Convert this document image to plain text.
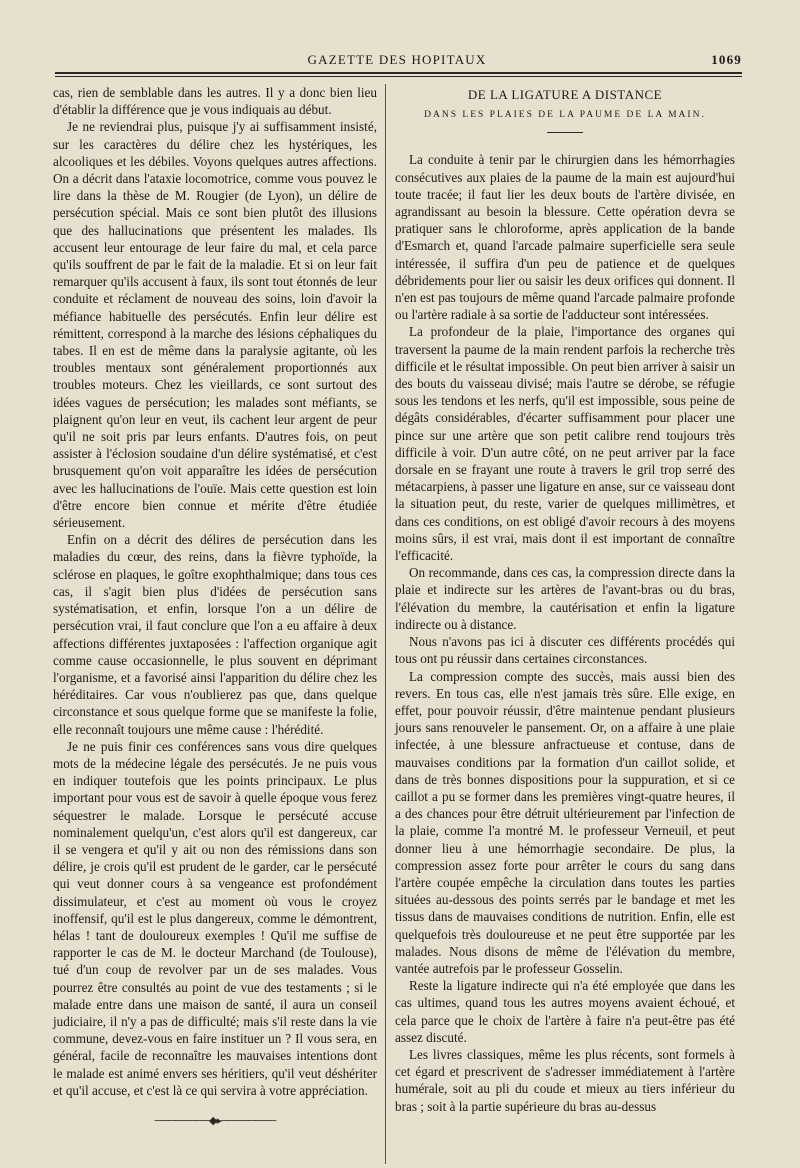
GAZETTE DES HOPITAUX	1069

cas, rien de semblable dans les autres. Il y a donc bien lieu d'établir la différence que je vous indiquais au début.

Je ne reviendrai plus, puisque j'y ai suffisamment insisté, sur les caractères du délire chez les hystériques, les alcooliques et les débiles. Voyons quelques autres affections. On a décrit dans l'ataxie locomotrice, comme vous pouvez le lire dans la thèse de M. Rougier (de Lyon), un délire de persécution spécial. Mais ce sont bien plutôt des illusions que des hallucinations que présentent les malades. Ils accusent leur entourage de leur faire du mal, et cela parce qu'ils souffrent de par le fait de la maladie. Et si on leur fait remarquer qu'ils accusent à faux, ils sont tout étonnés de leur conduite et réclament de nouveau des soins, loin d'avoir la méfiance habituelle des persécutés. Enfin leur délire est rémittent, correspond à la marche des lésions céphaliques du tabes. Il en est de même dans la paralysie agitante, où les troubles mentaux sont généralement proportionnés aux troubles moteurs. Chez les vieillards, ce sont surtout des idées vagues de persécution; les malades sont méfiants, se plaignent qu'on leur en veut, ils cachent leur argent de peur qu'il ne soit pris par leurs enfants. D'autres fois, on peut assister à l'éclosion soudaine d'un délire systématisé, et c'est brusquement qu'on voit apparaître les idées de persécution avec les hallucinations de l'ouïe. Mais cette question est loin d'être encore bien connue et mérite d'être étudiée sérieusement.

Enfin on a décrit des délires de persécution dans les maladies du cœur, des reins, dans la fièvre typhoïde, la sclérose en plaques, le goître exophthalmique; dans tous ces cas, il s'agit bien plus d'idées de persécution sans systématisation, et enfin, lorsque l'on a un délire de persécution vrai, il faut conclure que l'on a eu affaire à deux affections différentes juxtaposées : l'affection organique agit comme cause occasionnelle, le plus souvent en déprimant l'organisme, et a favorisé ainsi l'apparition du délire chez les héréditaires. Car vous n'oublierez pas que, dans quelque circonstance et sous quelque forme que se manifeste la folie, elle reconnaît toujours une même cause : l'hérédité.

Je ne puis finir ces conférences sans vous dire quelques mots de la médecine légale des persécutés. Je ne puis vous en indiquer toutefois que les points principaux. Le plus important pour vous est de savoir à quelle époque vous ferez séquestrer le malade. Lorsque le persécuté accuse nominalement quelqu'un, c'est alors qu'il est dangereux, car il se vengera et qu'il y ait ou non des rémissions dans son délire, je crois qu'il est prudent de le garder, car le persécuté qui veut donner cours à sa vengeance est profondément dissimulateur, et c'est au moment où vous le croyez inoffensif, qu'il est le plus dangereux, comme le démontrent, hélas ! tant de douloureux exemples ! Qu'il me suffise de rapporter le cas de M. le docteur Marchand (de Toulouse), tué d'un coup de revolver par un de ses malades. Vous pourrez être consultés au point de vue des testaments ; si le malade entre dans une maison de santé, il aura un conseil judiciaire, il n'y a pas de difficulté; mais s'il reste dans la vie commune, devez-vous en faire instituer un ? Il vous sera, en général, facile de reconnaître les mauvaises intentions dont le malade est animé envers ses héritiers, qu'il veut déshériter et qu'il accuse, et c'est là ce qui servira à votre appréciation.

────────◆▸────────
DE LA LIGATURE A DISTANCE
DANS LES PLAIES DE LA PAUME DE LA MAIN.

La conduite à tenir par le chirurgien dans les hémorrhagies consécutives aux plaies de la paume de la main est aujourd'hui toute tracée; il faut lier les deux bouts de l'artère divisée, en agrandissant au besoin la blessure. Cette opération devra se pratiquer sans le chloroforme, après application de la bande d'Esmarch et, quand l'arcade palmaire superficielle sera seule intéressée, il suffira d'un peu de patience et de quelques débridements pour lier ou saisir les deux orifices qui donnent. Il n'en est pas toujours de même quand l'arcade palmaire profonde ou l'artère radiale à sa sortie de l'adducteur sont intéressées.

La profondeur de la plaie, l'importance des organes qui traversent la paume de la main rendent parfois la recherche très difficile et le résultat impossible. On peut bien arriver à saisir un des bouts du vaisseau divisé; mais l'autre se dérobe, se réfugie sous les tendons et les nerfs, qu'il est impossible, sous peine de dégâts considérables, d'écarter suffisamment pour placer une pince sur une artère que son petit calibre rend toujours très difficile à voir. D'un autre côté, on ne peut arriver par la face dorsale en se frayant une route à travers le gril trop serré des métacarpiens, à passer une ligature en anse, sur ce vaisseau dont la situation peut, du reste, varier de quelques millimètres, et dans ces conditions, on est obligé d'avoir recours à des moyens moins sûrs, il est vrai, mais dont il est important de connaître l'efficacité.

On recommande, dans ces cas, la compression directe dans la plaie et indirecte sur les artères de l'avant-bras ou du bras, l'élévation du membre, la cautérisation et enfin la ligature indirecte ou à distance.

Nous n'avons pas ici à discuter ces différents procédés qui tous ont pu réussir dans certaines circonstances.

La compression compte des succès, mais aussi bien des revers. En tous cas, elle n'est jamais très sûre. Elle exige, en effet, pour pouvoir réussir, d'être maintenue pendant plusieurs jours sans renouveler le pansement. Or, on a affaire à une plaie infectée, à une blessure anfractueuse et contuse, dans de mauvaises conditions par la formation d'un caillot solide, et dans de très bonnes dispositions pour la suppuration, et si ce caillot a pu se former dans les premières vingt-quatre heures, il a des chances pour être détruit ultérieurement par l'infection de la plaie, comme l'a montré M. le professeur Verneuil, et peut donner lieu à une hémorrhagie secondaire. De plus, la compression assez forte pour arrêter le cours du sang dans l'artère coupée empêche la circulation dans toutes les parties situées au-dessous des points serrés par le bandage et met les tissus dans de mauvaises conditions de nutrition. Enfin, elle est quelquefois très douloureuse et ne peut être supportée par les malades. Nous disons de même de l'élévation du membre, vantée autrefois par le professeur Gosselin.

Reste la ligature indirecte qui n'a été employée que dans les cas ultimes, quand tous les autres moyens avaient échoué, et cela parce que le choix de l'artère à faire n'a peut-être pas été assez discuté.

Les livres classiques, même les plus récents, sont formels à cet égard et prescrivent de s'adresser immédiatement à l'artère humérale, soit au pli du coude et mieux au tiers inférieur du bras ; soit à la partie supérieure du bras au-dessus
